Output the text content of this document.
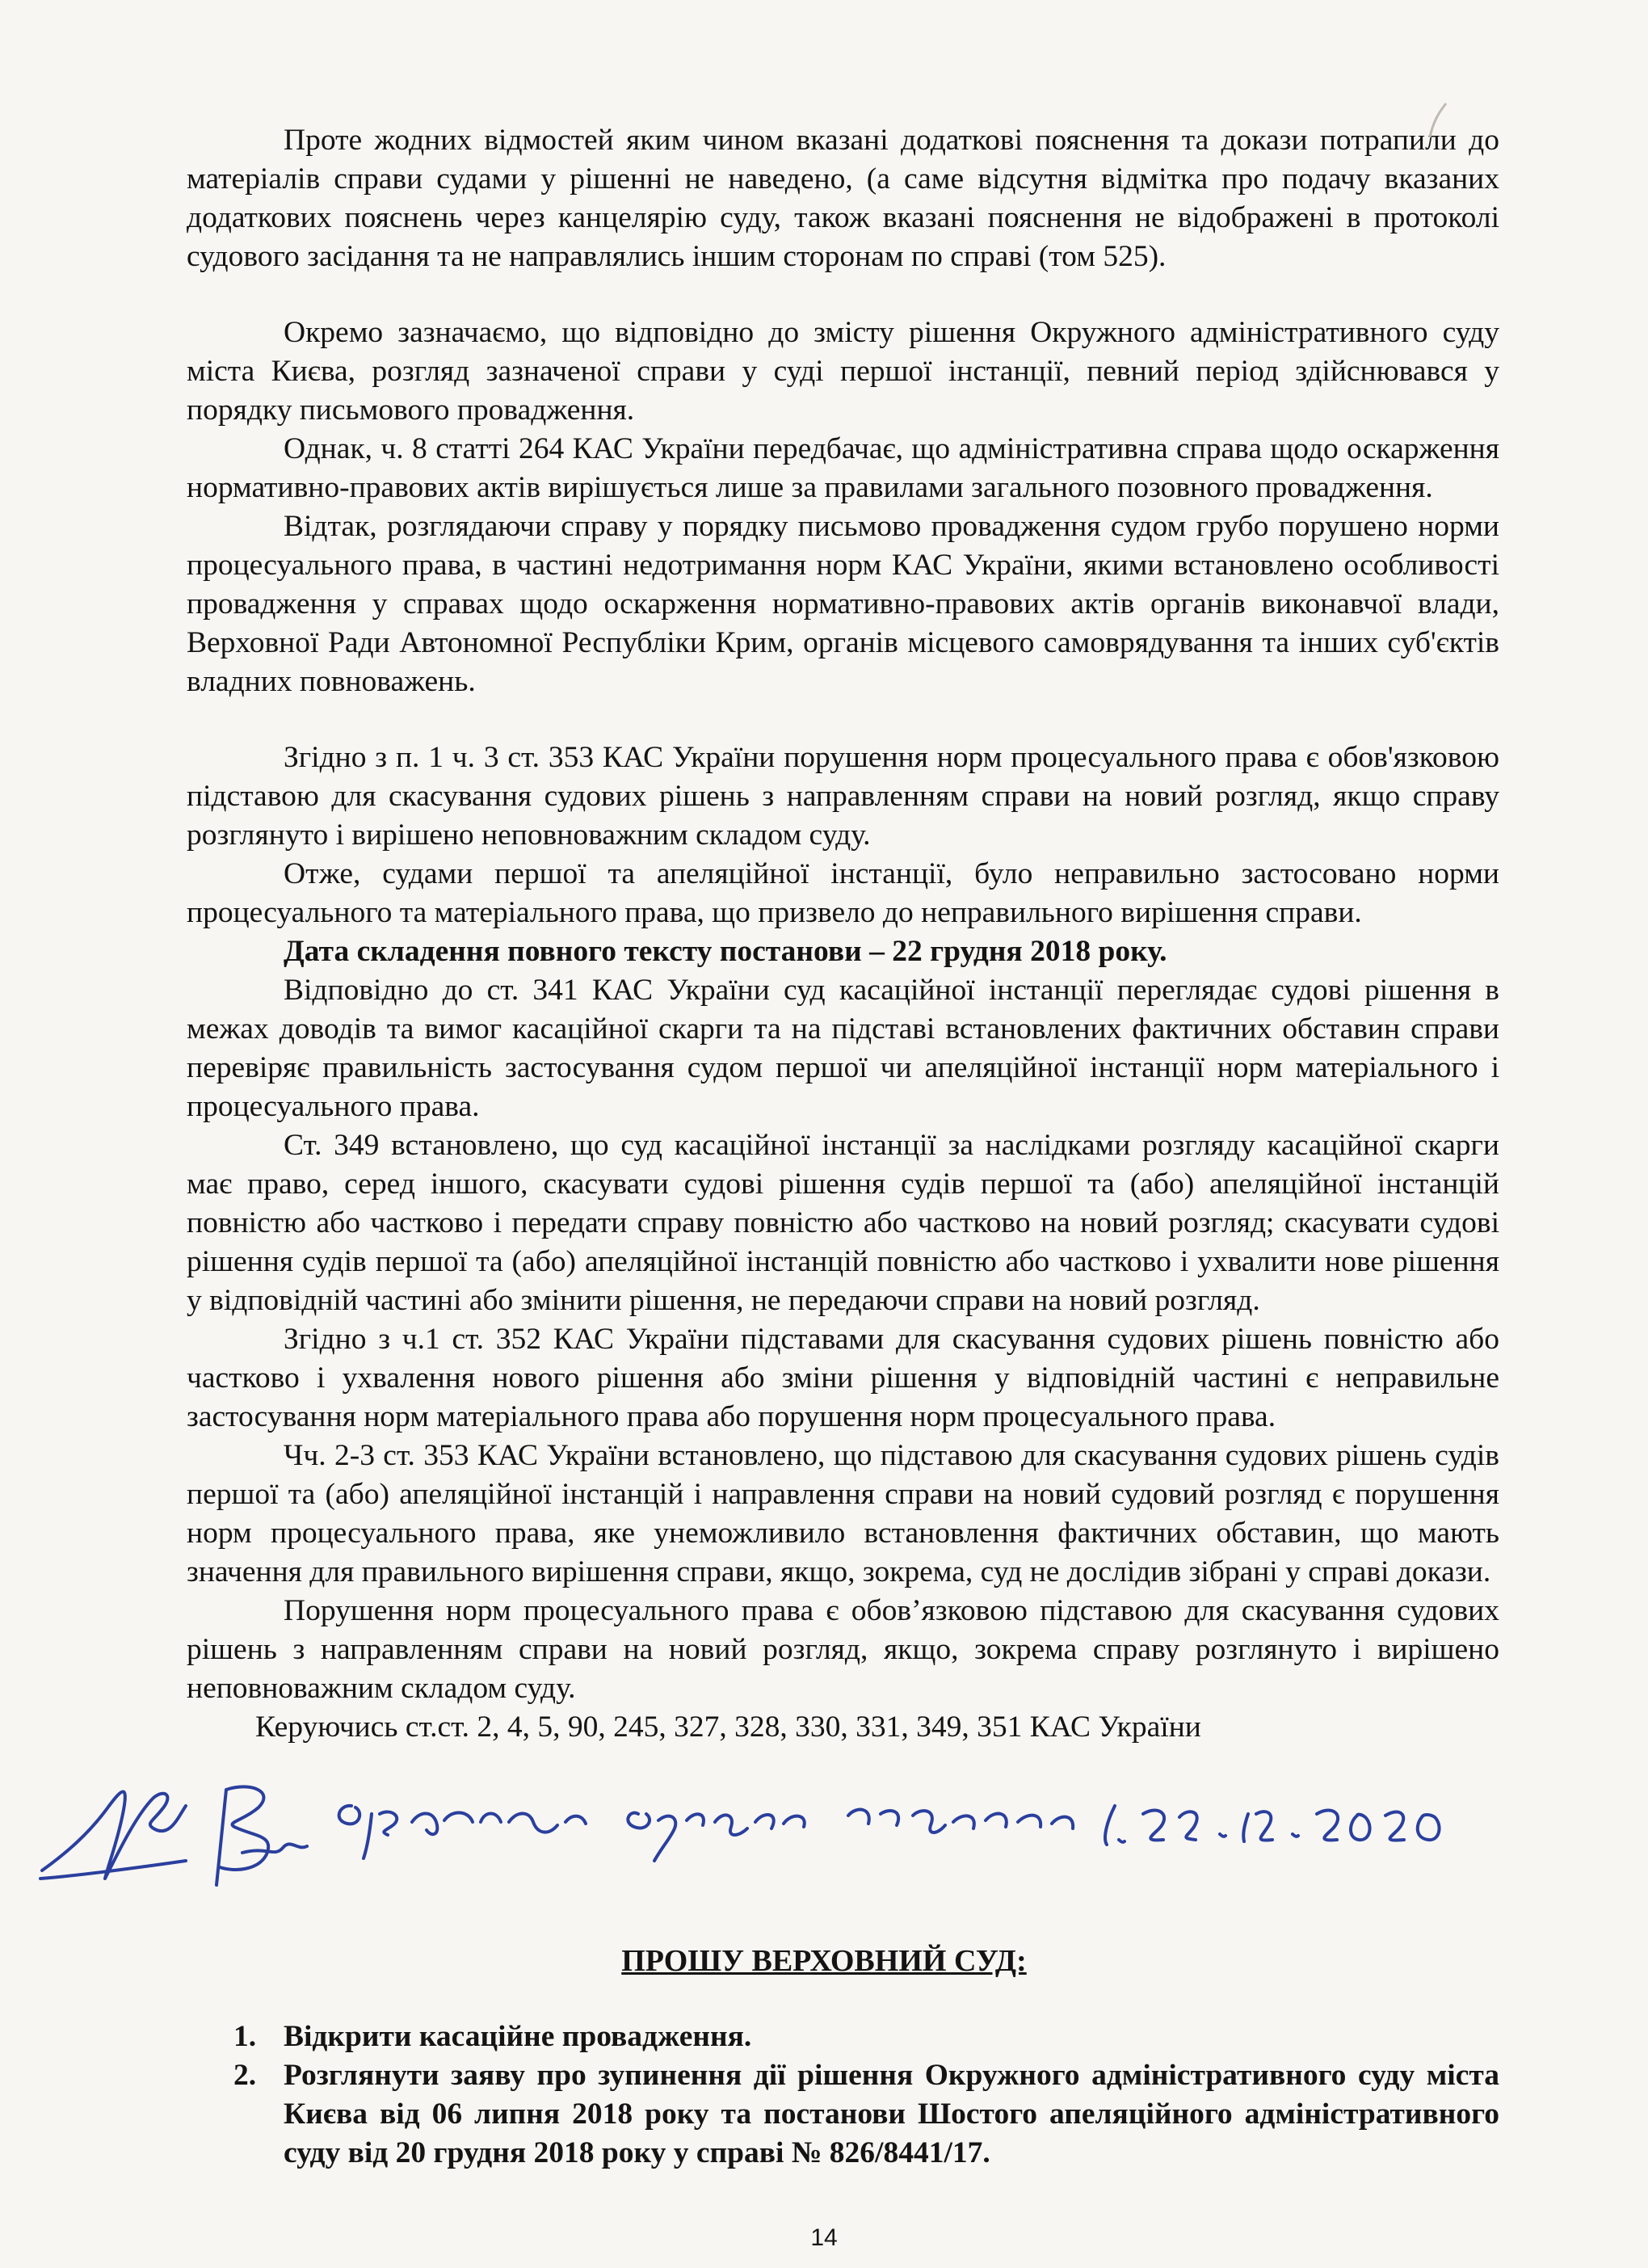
Проте жодних відмостей яким чином вказані додаткові пояснення та докази потрапили до матеріалів справи судами у рішенні не наведено, (а саме відсутня відмітка про подачу вказаних додаткових пояснень через канцелярію суду, також вказані пояснення не відображені в протоколі судового засідання та не направлялись іншим сторонам по справі (том 525).

Окремо зазначаємо, що відповідно до змісту рішення Окружного адміністративного суду міста Києва, розгляд зазначеної справи у суді першої інстанції, певний період здійснювався у порядку письмового провадження.

Однак, ч. 8 статті 264 КАС України передбачає, що адміністративна справа щодо оскарження нормативно-правових актів вирішується лише за правилами загального позовного провадження.

Відтак, розглядаючи справу у порядку письмово провадження судом грубо порушено норми процесуального права, в частині недотримання норм КАС України, якими встановлено особливості провадження у справах щодо оскарження нормативно-правових актів органів виконавчої влади, Верховної Ради Автономної Республіки Крим, органів місцевого самоврядування та інших суб'єктів владних повноважень.

Згідно з п. 1 ч. 3 ст. 353 КАС України порушення норм процесуального права є обов'язковою підставою для скасування судових рішень з направленням справи на новий розгляд, якщо справу розглянуто і вирішено неповноважним складом суду.

Отже, судами першої та апеляційної інстанції, було неправильно застосовано норми процесуального та матеріального права, що призвело до неправильного вирішення справи.

Дата складення повного тексту постанови – 22 грудня 2018 року.

Відповідно до ст. 341 КАС України суд касаційної інстанції переглядає судові рішення в межах доводів та вимог касаційної скарги та на підставі встановлених фактичних обставин справи перевіряє правильність застосування судом першої чи апеляційної інстанції норм матеріального і процесуального права.

Ст. 349 встановлено, що суд касаційної інстанції за наслідками розгляду касаційної скарги має право, серед іншого, скасувати судові рішення судів першої та (або) апеляційної інстанцій повністю або частково і передати справу повністю або частково на новий розгляд; скасувати судові рішення судів першої та (або) апеляційної інстанцій повністю або частково і ухвалити нове рішення у відповідній частині або змінити рішення, не передаючи справи на новий розгляд.

Згідно з ч.1 ст. 352 КАС України підставами для скасування судових рішень повністю або частково і ухвалення нового рішення або зміни рішення у відповідній частині є неправильне застосування норм матеріального права або порушення норм процесуального права.

Чч. 2-3 ст. 353 КАС України встановлено, що підставою для скасування судових рішень судів першої та (або) апеляційної інстанцій і направлення справи на новий судовий розгляд є порушення норм процесуального права, яке унеможливило встановлення фактичних обставин, що мають значення для правильного вирішення справи, якщо, зокрема, суд не дослідив зібрані у справі докази.

Порушення норм процесуального права є обов’язковою підставою для скасування судових рішень з направленням справи на новий розгляд, якщо, зокрема справу розглянуто і вирішено неповноважним складом суду.

Керуючись ст.ст. 2, 4, 5, 90, 245, 327, 328, 330, 331, 349, 351 КАС України

ПРОШУ ВЕРХОВНИЙ СУД:
1. Відкрити касаційне провадження.
2. Розглянути заяву про зупинення дії рішення Окружного адміністративного суду міста Києва від 06 липня 2018 року та постанови Шостого апеляційного адміністративного суду від 20 грудня 2018 року у справі № 826/8441/17.
14
